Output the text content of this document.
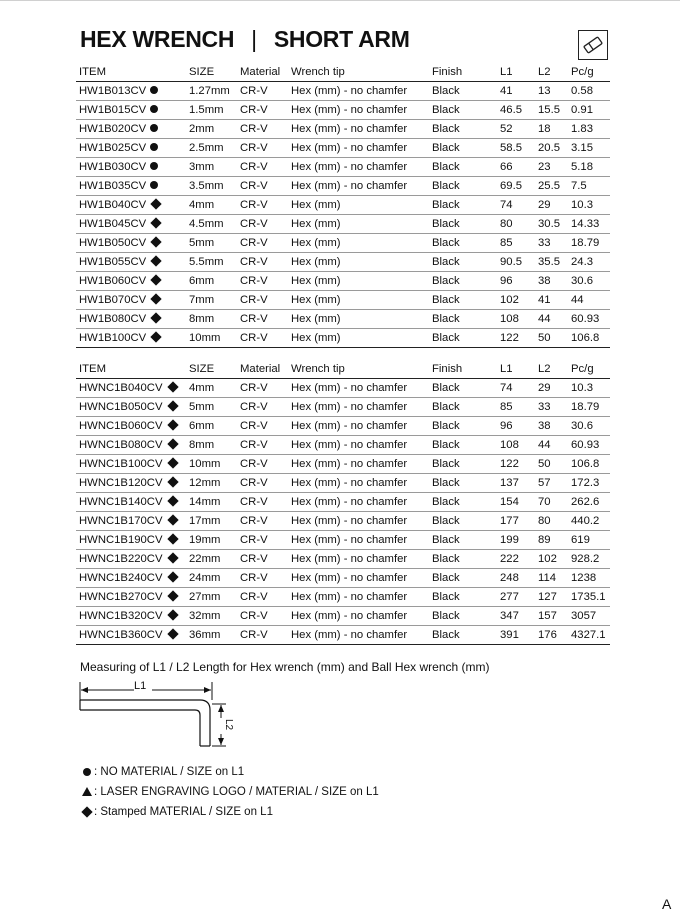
HEX WRENCH | SHORT ARM
ITEM	SIZE	Material	Wrench tip	Finish	L1	L2	Pc/g
HW1B013CV	1.27mm	CR-V	Hex (mm) - no chamfer	Black	41	13	0.58
HW1B015CV	1.5mm	CR-V	Hex (mm) - no chamfer	Black	46.5	15.5	0.91
HW1B020CV	2mm	CR-V	Hex (mm) - no chamfer	Black	52	18	1.83
HW1B025CV	2.5mm	CR-V	Hex (mm) - no chamfer	Black	58.5	20.5	3.15
HW1B030CV	3mm	CR-V	Hex (mm) - no chamfer	Black	66	23	5.18
HW1B035CV	3.5mm	CR-V	Hex (mm) - no chamfer	Black	69.5	25.5	7.5
HW1B040CV	4mm	CR-V	Hex (mm)	Black	74	29	10.3
HW1B045CV	4.5mm	CR-V	Hex (mm)	Black	80	30.5	14.33
HW1B050CV	5mm	CR-V	Hex (mm)	Black	85	33	18.79
HW1B055CV	5.5mm	CR-V	Hex (mm)	Black	90.5	35.5	24.3
HW1B060CV	6mm	CR-V	Hex (mm)	Black	96	38	30.6
HW1B070CV	7mm	CR-V	Hex (mm)	Black	102	41	44
HW1B080CV	8mm	CR-V	Hex (mm)	Black	108	44	60.93
HW1B100CV	10mm	CR-V	Hex (mm)	Black	122	50	106.8
ITEM	SIZE	Material	Wrench tip	Finish	L1	L2	Pc/g
HWNC1B040CV	4mm	CR-V	Hex (mm) - no chamfer	Black	74	29	10.3
HWNC1B050CV	5mm	CR-V	Hex (mm) - no chamfer	Black	85	33	18.79
HWNC1B060CV	6mm	CR-V	Hex (mm) - no chamfer	Black	96	38	30.6
HWNC1B080CV	8mm	CR-V	Hex (mm) - no chamfer	Black	108	44	60.93
HWNC1B100CV	10mm	CR-V	Hex (mm) - no chamfer	Black	122	50	106.8
HWNC1B120CV	12mm	CR-V	Hex (mm) - no chamfer	Black	137	57	172.3
HWNC1B140CV	14mm	CR-V	Hex (mm) - no chamfer	Black	154	70	262.6
HWNC1B170CV	17mm	CR-V	Hex (mm) - no chamfer	Black	177	80	440.2
HWNC1B190CV	19mm	CR-V	Hex (mm) - no chamfer	Black	199	89	619
HWNC1B220CV	22mm	CR-V	Hex (mm) - no chamfer	Black	222	102	928.2
HWNC1B240CV	24mm	CR-V	Hex (mm) - no chamfer	Black	248	114	1238
HWNC1B270CV	27mm	CR-V	Hex (mm) - no chamfer	Black	277	127	1735.1
HWNC1B320CV	32mm	CR-V	Hex (mm) - no chamfer	Black	347	157	3057
HWNC1B360CV	36mm	CR-V	Hex (mm) - no chamfer	Black	391	176	4327.1
Measuring of L1 / L2 Length for Hex wrench (mm) and Ball Hex wrench (mm)
L1
L2
: NO MATERIAL / SIZE on L1
: LASER ENGRAVING LOGO / MATERIAL / SIZE on L1
: Stamped MATERIAL / SIZE on L1
A
